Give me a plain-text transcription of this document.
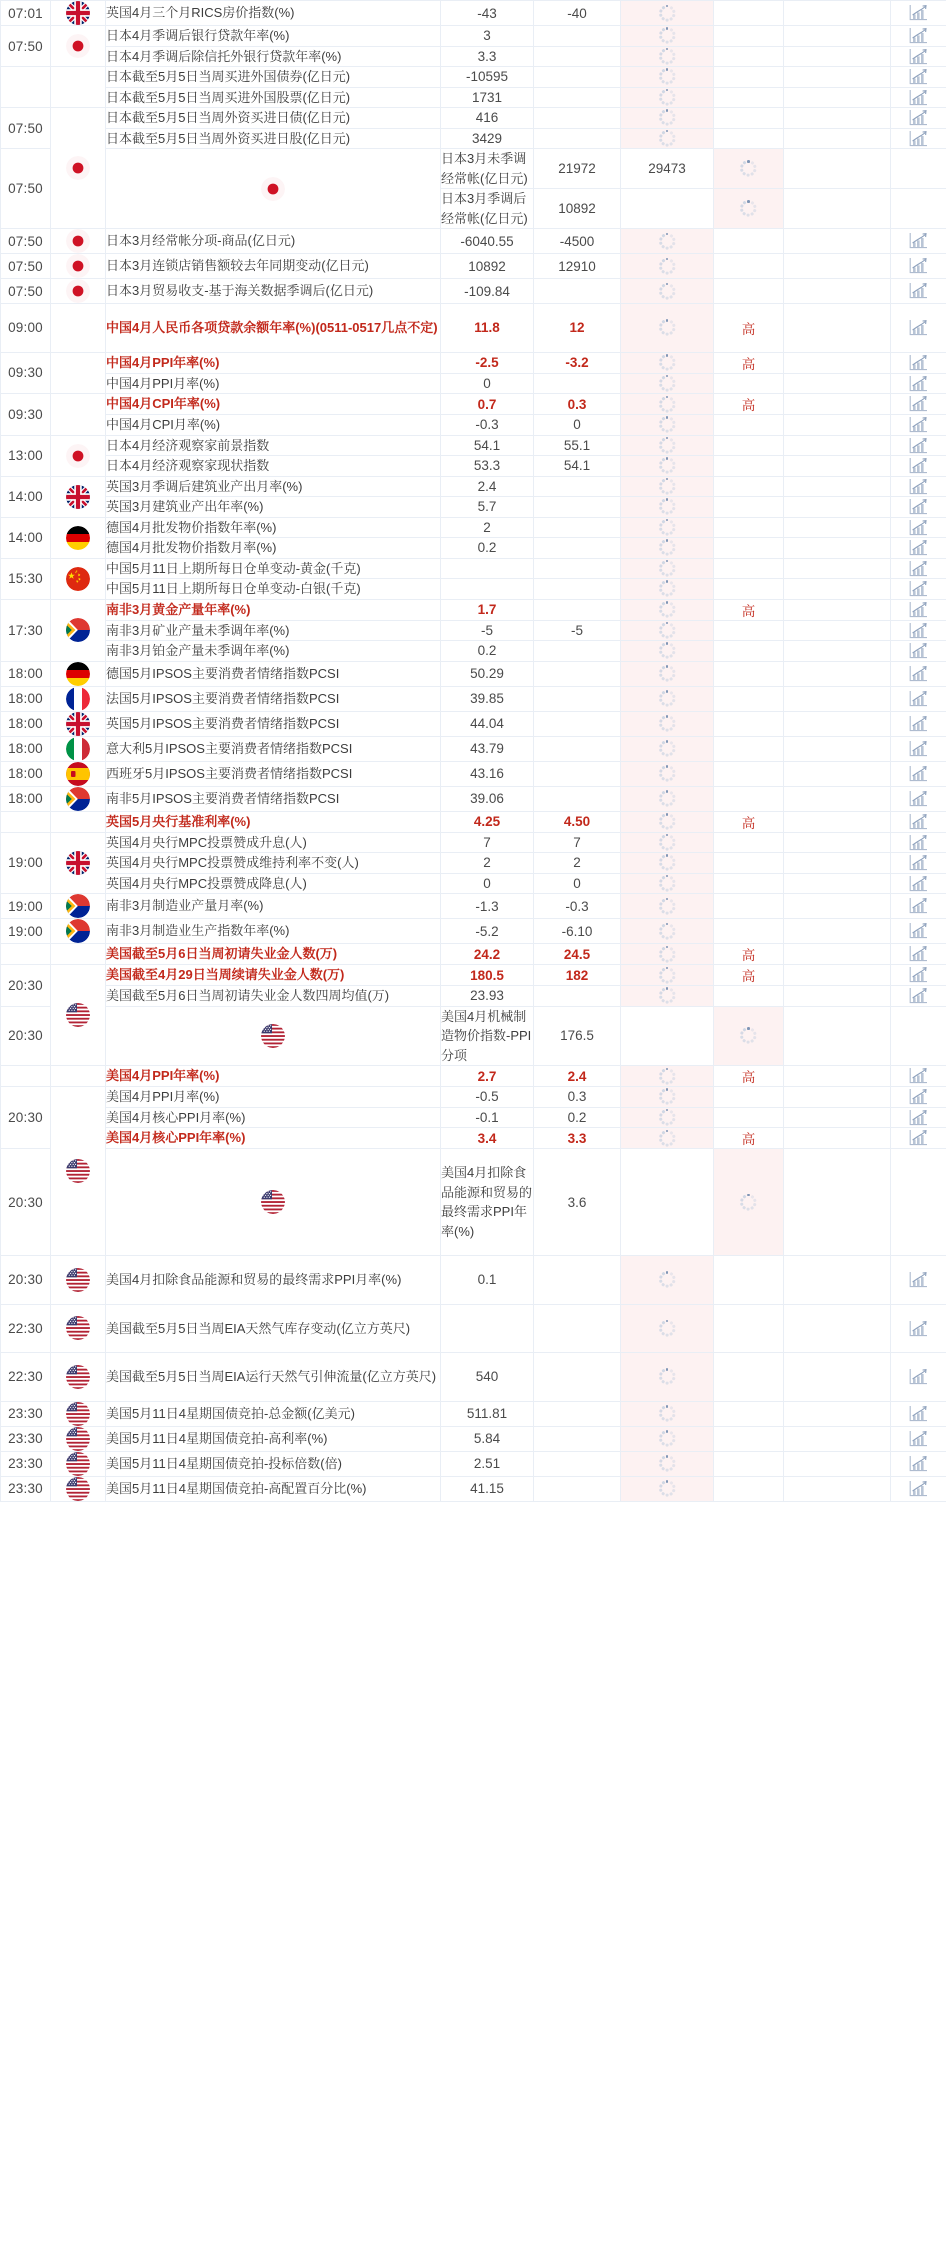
07:01		英国4月三个月RICS房价指数(%)	-43	-40	

07:50		日本4月季调后银行贷款年率(%)	3		

		日本4月季调后除信托外银行贷款年率(%)	3.3		

		日本截至5月5日当周买进外国债券(亿日元)	-10595		

		日本截至5月5日当周买进外国股票(亿日元)	1731		

07:50		日本截至5月5日当周外资买进日债(亿日元)	416		

		日本截至5月5日当周外资买进日股(亿日元)	3429		

07:50			日本3月未季调经常帐(亿日元)	21972	29473	

			日本3月季调后经常帐(亿日元)	10892		

07:50		日本3月经常帐分项-商品(亿日元)	-6040.55	-4500	

07:50		日本3月连锁店销售额较去年同期变动(亿日元)	10892	12910	

07:50		日本3月贸易收支-基于海关数据季调后(亿日元)	-109.84		

09:00		中国4月人民币各项贷款余额年率(%)(0511-0517几点不定)	11.8	12		高		

09:30		中国4月PPI年率(%)	-2.5	-3.2		高		

		中国4月PPI月率(%)	0		

09:30		中国4月CPI年率(%)	0.7	0.3		高		

		中国4月CPI月率(%)	-0.3	0	

13:00		日本4月经济观察家前景指数	54.1	55.1	

		日本4月经济观察家现状指数	53.3	54.1	

14:00		英国3月季调后建筑业产出月率(%)	2.4		

		英国3月建筑业产出年率(%)	5.7		

14:00		德国4月批发物价指数年率(%)	2		

		德国4月批发物价指数月率(%)	0.2		

15:30		中国5月11日上期所每日仓单变动-黄金(千克)			

		中国5月11日上期所每日仓单变动-白银(千克)			

17:30		南非3月黄金产量年率(%)	1.7			高		

		南非3月矿业产量未季调年率(%)	-5	-5	

		南非3月铂金产量未季调年率(%)	0.2		

18:00		德国5月IPSOS主要消费者情绪指数PCSI	50.29		

18:00		法国5月IPSOS主要消费者情绪指数PCSI	39.85		

18:00		英国5月IPSOS主要消费者情绪指数PCSI	44.04		

18:00		意大利5月IPSOS主要消费者情绪指数PCSI	43.79		

18:00		西班牙5月IPSOS主要消费者情绪指数PCSI	43.16		

18:00		南非5月IPSOS主要消费者情绪指数PCSI	39.06		

		英国5月央行基准利率(%)	4.25	4.50		高		

19:00		英国4月央行MPC投票赞成升息(人)	7	7	

		英国4月央行MPC投票赞成维持利率不变(人)	2	2	

		英国4月央行MPC投票赞成降息(人)	0	0	

19:00		南非3月制造业产量月率(%)	-1.3	-0.3	

19:00		南非3月制造业生产指数年率(%)	-5.2	-6.10	

		美国截至5月6日当周初请失业金人数(万)	24.2	24.5		高		

20:30		美国截至4月29日当周续请失业金人数(万)	180.5	182		高		

		美国截至5月6日当周初请失业金人数四周均值(万)	23.93		

20:30			美国4月机械制造物价指数-PPI分项	176.5		

		美国4月PPI年率(%)	2.7	2.4		高		

20:30		美国4月PPI月率(%)	-0.5	0.3	

		美国4月核心PPI月率(%)	-0.1	0.2	

		美国4月核心PPI年率(%)	3.4	3.3		高		

20:30			美国4月扣除食品能源和贸易的最终需求PPI年率(%)	3.6		

20:30		美国4月扣除食品能源和贸易的最终需求PPI月率(%)	0.1		

22:30		美国截至5月5日当周EIA天然气库存变动(亿立方英尺)			

22:30		美国截至5月5日当周EIA运行天然气引伸流量(亿立方英尺)	540		

23:30		美国5月11日4星期国债竞拍-总金额(亿美元)	511.81		

23:30		美国5月11日4星期国债竞拍-高利率(%)	5.84		

23:30		美国5月11日4星期国债竞拍-投标倍数(倍)	2.51		

23:30		美国5月11日4星期国债竞拍-高配置百分比(%)	41.15		
